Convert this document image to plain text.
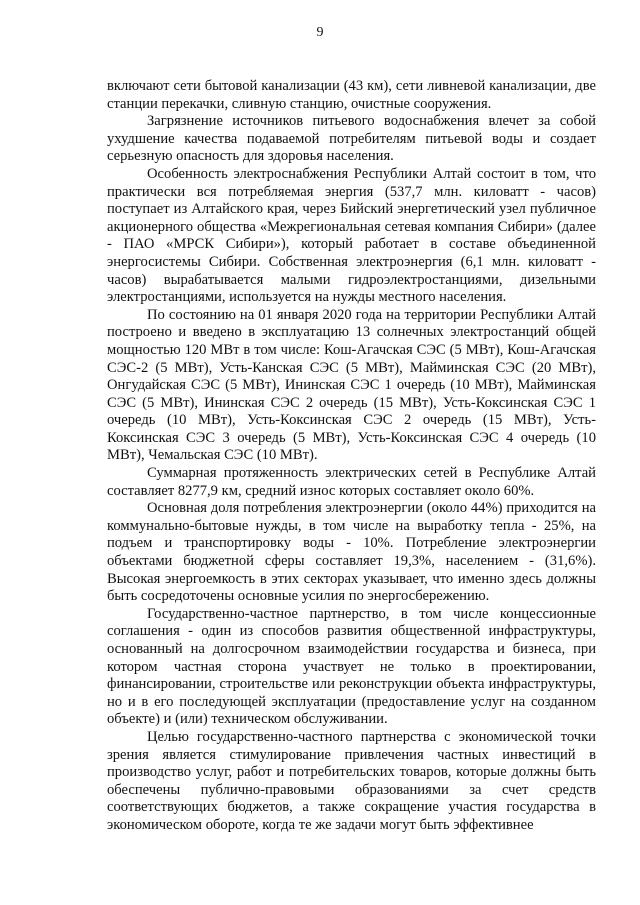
9

включают сети бытовой канализации (43 км), сети ливневой канализации, две станции перекачки, сливную станцию, очистные сооружения.

Загрязнение источников питьевого водоснабжения влечет за собой ухудшение качества подаваемой потребителям питьевой воды и создает серьезную опасность для здоровья населения.

Особенность электроснабжения Республики Алтай состоит в том, что практически вся потребляемая энергия (537,7 млн. киловатт - часов) поступает из Алтайского края, через Бийский энергетический узел публичное акционерного общества «Межрегиональная сетевая компания Сибири» (далее - ПАО «МРСК Сибири»), который работает в составе объединенной энергосистемы Сибири. Собственная электроэнергия (6,1 млн. киловатт - часов) вырабатывается малыми гидроэлектростанциями, дизельными электростанциями, используется на нужды местного населения.

По состоянию на 01 января 2020 года на территории Республики Алтай построено и введено в эксплуатацию 13 солнечных электростанций общей мощностью 120 МВт в том числе: Кош-Агачская СЭС (5 МВт), Кош-Агачская СЭС-2 (5 МВт), Усть-Канская СЭС (5 МВт), Майминская СЭС (20 МВт), Онгудайская СЭС (5 МВт), Ининская СЭС 1 очередь (10 МВт), Майминская СЭС (5 МВт), Ининская СЭС 2 очередь (15 МВт), Усть-Коксинская СЭС 1 очередь (10 МВт), Усть-Коксинская СЭС 2 очередь (15 МВт), Усть-Коксинская СЭС 3 очередь (5 МВт), Усть-Коксинская СЭС 4 очередь (10 МВт), Чемальская СЭС (10 МВт).

Суммарная протяженность электрических сетей в Республике Алтай составляет 8277,9 км, средний износ которых составляет около 60%.

Основная доля потребления электроэнергии (около 44%) приходится на коммунально-бытовые нужды, в том числе на выработку тепла - 25%, на подъем и транспортировку воды - 10%. Потребление электроэнергии объектами бюджетной сферы составляет 19,3%, населением - (31,6%). Высокая энергоемкость в этих секторах указывает, что именно здесь должны быть сосредоточены основные усилия по энергосбережению.

Государственно-частное партнерство, в том числе концессионные соглашения - один из способов развития общественной инфраструктуры, основанный на долгосрочном взаимодействии государства и бизнеса, при котором частная сторона участвует не только в проектировании, финансировании, строительстве или реконструкции объекта инфраструктуры, но и в его последующей эксплуатации (предоставление услуг на созданном объекте) и (или) техническом обслуживании.

Целью государственно-частного партнерства с экономической точки зрения является стимулирование привлечения частных инвестиций в производство услуг, работ и потребительских товаров, которые должны быть обеспечены публично-правовыми образованиями за счет средств соответствующих бюджетов, а также сокращение участия государства в экономическом обороте, когда те же задачи могут быть эффективнее
